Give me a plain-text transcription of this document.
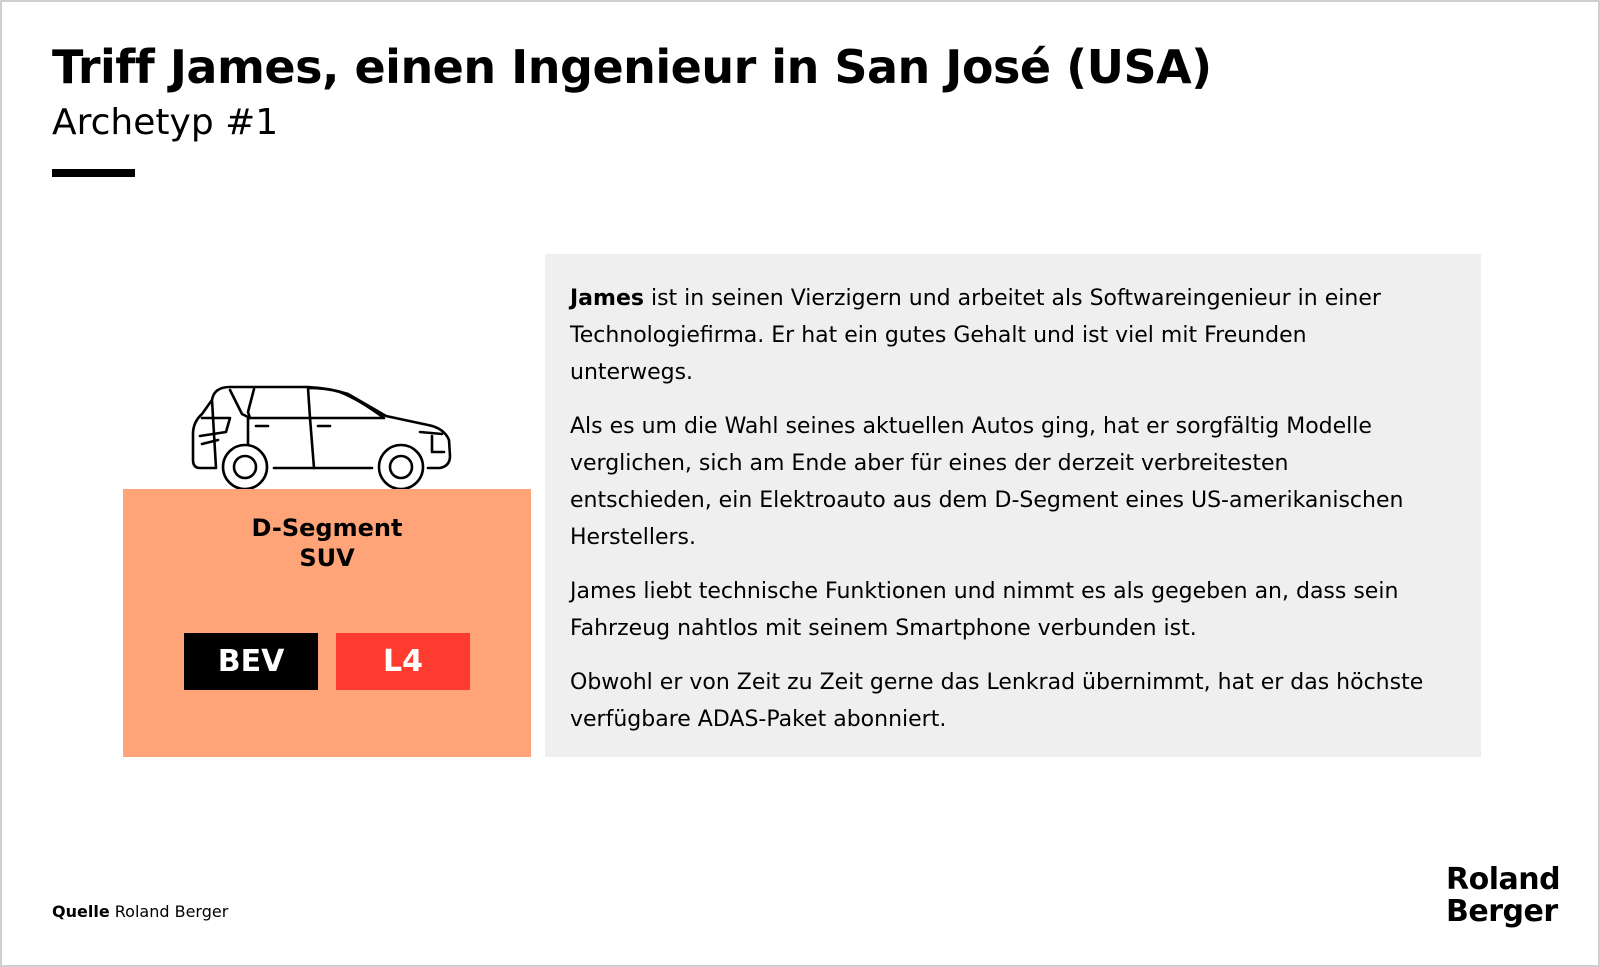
Triff James, einen Ingenieur in San José (USA)
Archetyp #1
D-Segment
SUV
BEV	L4

James ist in seinen Vierzigern und arbeitet als Softwareingenieur in einer Technologiefirma. Er hat ein gutes Gehalt und ist viel mit Freunden unterwegs.

Als es um die Wahl seines aktuellen Autos ging, hat er sorgfältig Modelle verglichen, sich am Ende aber für eines der derzeit verbreitesten entschieden, ein Elektroauto aus dem D-Segment eines US-amerikanischen Herstellers.

James liebt technische Funktionen und nimmt es als gegeben an, dass sein Fahrzeug nahtlos mit seinem Smartphone verbunden ist.

Obwohl er von Zeit zu Zeit gerne das Lenkrad übernimmt, hat er das höchste verfügbare ADAS-Paket abonniert.

Quelle Roland Berger
Roland
Berger
